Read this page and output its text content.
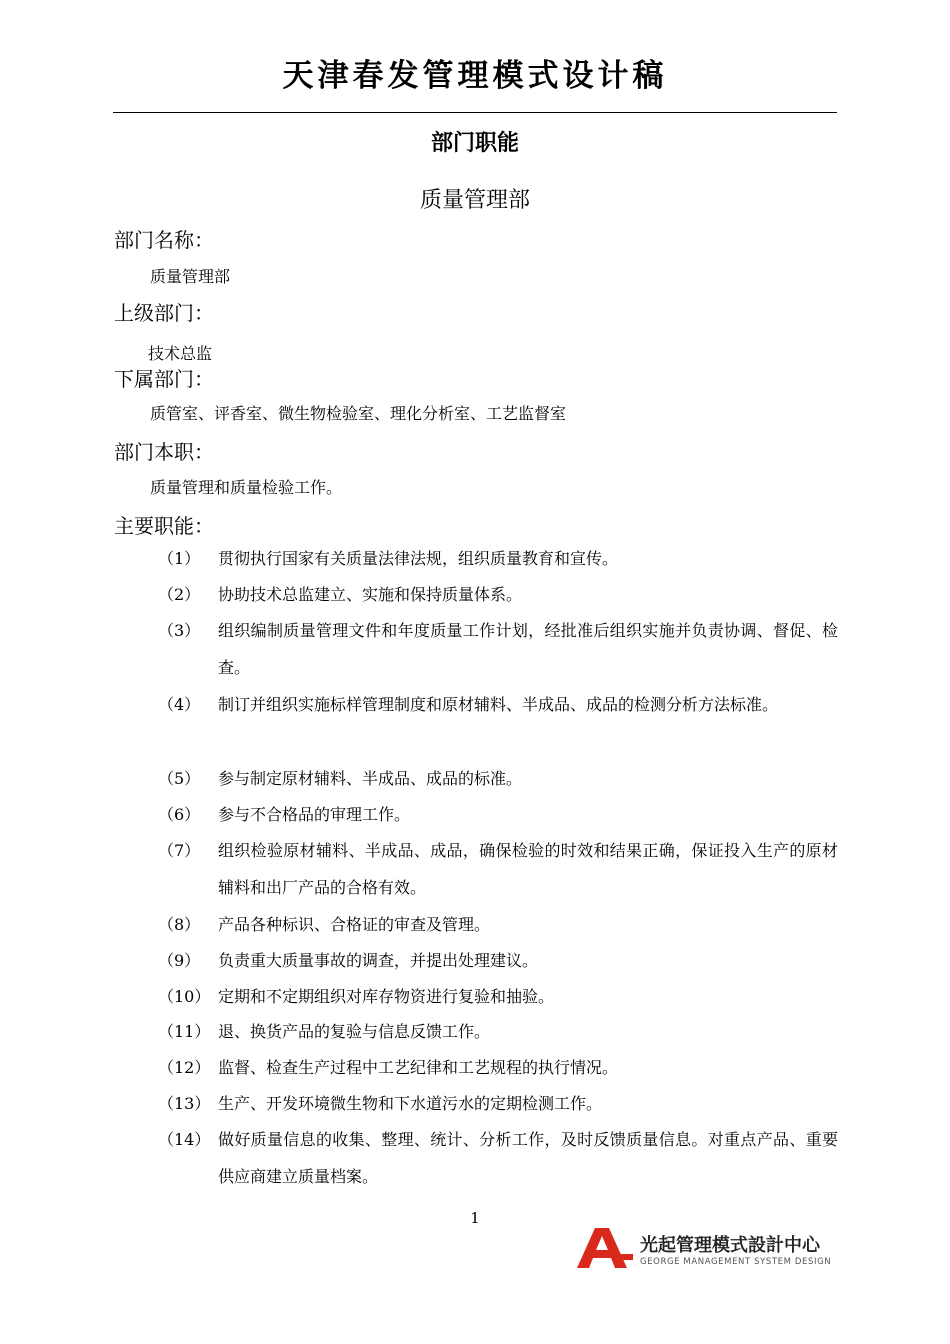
天津春发管理模式设计稿
部门职能
质量管理部
部门名称：
质量管理部
上级部门：
技术总监
下属部门：
质管室、评香室、微生物检验室、理化分析室、工艺监督室
部门本职：
质量管理和质量检验工作。
主要职能：
（1） 贯彻执行国家有关质量法律法规，组织质量教育和宣传。
（2） 协助技术总监建立、实施和保持质量体系。
（3） 组织编制质量管理文件和年度质量工作计划，经批准后组织实施并负责协调、督促、检查。
（4） 制订并组织实施标样管理制度和原材辅料、半成品、成品的检测分析方法标准。
（5） 参与制定原材辅料、半成品、成品的标准。
（6） 参与不合格品的审理工作。
（7） 组织检验原材辅料、半成品、成品，确保检验的时效和结果正确，保证投入生产的原材辅料和出厂产品的合格有效。
（8） 产品各种标识、合格证的审查及管理。
（9） 负责重大质量事故的调查，并提出处理建议。
（10） 定期和不定期组织对库存物资进行复验和抽验。
（11） 退、换货产品的复验与信息反馈工作。
（12） 监督、检查生产过程中工艺纪律和工艺规程的执行情况。
（13） 生产、开发环境微生物和下水道污水的定期检测工作。
（14） 做好质量信息的收集、整理、统计、分析工作，及时反馈质量信息。对重点产品、重要供应商建立质量档案。
1
光起管理模式設計中心
GEORGE MANAGEMENT SYSTEM DESIGN
